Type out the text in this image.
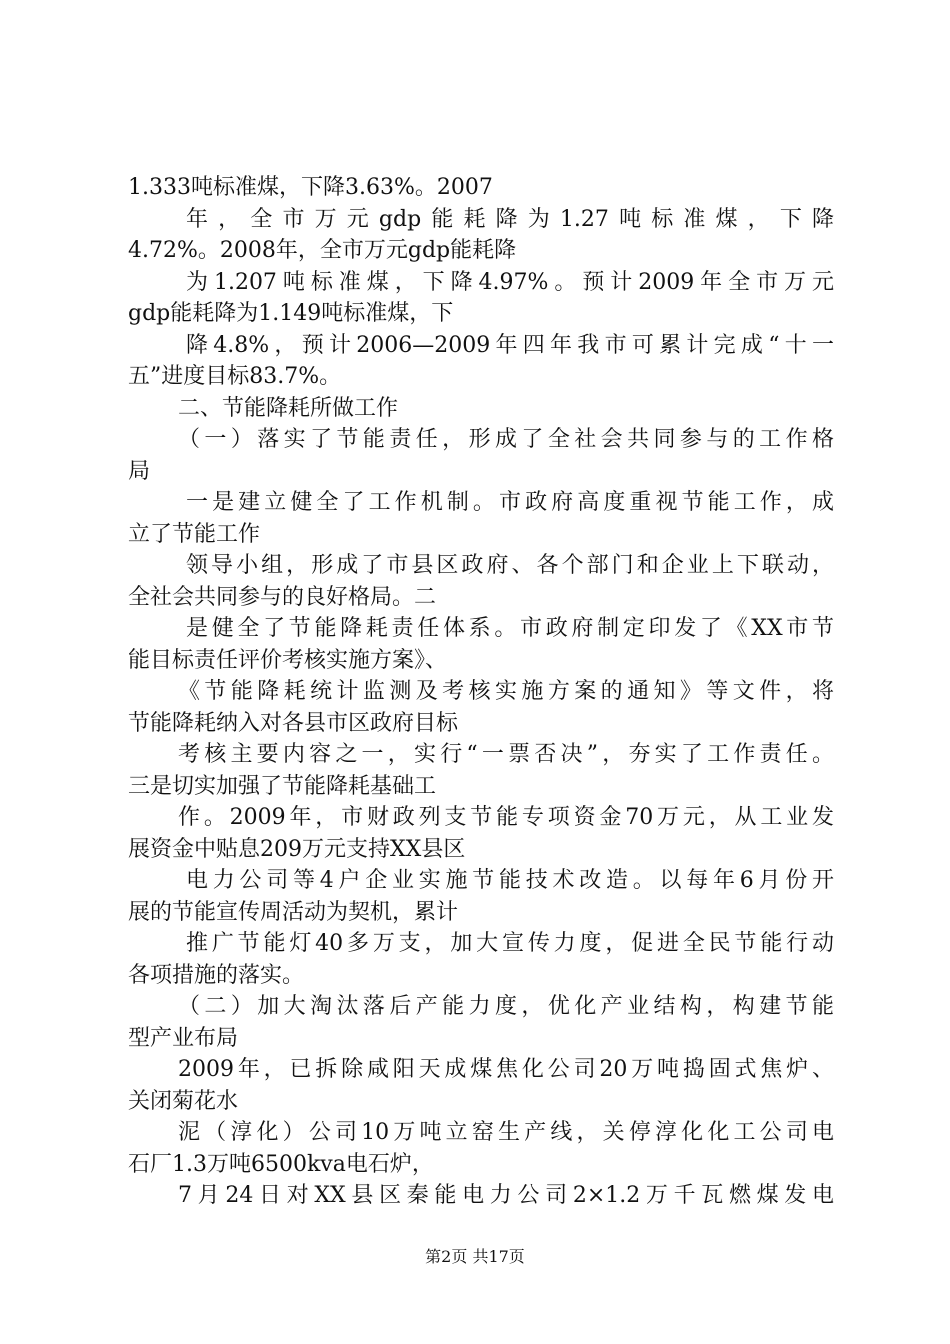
1.333吨标准煤，下降3.63%。2007
年，全市万元gdp能耗降为1.27吨标准煤，下降
4.72%。2008年，全市万元gdp能耗降
为1.207吨标准煤，下降4.97%。预计2009年全市万元
gdp能耗降为1.149吨标准煤，下
降4.8%，预计2006—2009年四年我市可累计完成“十一
五”进度目标83.7%。
二、节能降耗所做工作
（一）落实了节能责任，形成了全社会共同参与的工作格
局
一是建立健全了工作机制。市政府高度重视节能工作，成
立了节能工作
领导小组，形成了市县区政府、各个部门和企业上下联动，
全社会共同参与的良好格局。二
是健全了节能降耗责任体系。市政府制定印发了《XX市节
能目标责任评价考核实施方案》、
《节能降耗统计监测及考核实施方案的通知》等文件，将
节能降耗纳入对各县市区政府目标
考核主要内容之一，实行“一票否决”，夯实了工作责任。
三是切实加强了节能降耗基础工
作。2009年，市财政列支节能专项资金70万元，从工业发
展资金中贴息209万元支持XX县区
电力公司等4户企业实施节能技术改造。以每年6月份开
展的节能宣传周活动为契机，累计
推广节能灯40多万支，加大宣传力度，促进全民节能行动
各项措施的落实。
（二）加大淘汰落后产能力度，优化产业结构，构建节能
型产业布局
2009年，已拆除咸阳天成煤焦化公司20万吨捣固式焦炉、
关闭菊花水
泥（淳化）公司10万吨立窑生产线，关停淳化化工公司电
石厂1.3万吨6500kva电石炉，
7月24日对XX县区秦能电力公司2×1.2万千瓦燃煤发电
第2页 共17页
